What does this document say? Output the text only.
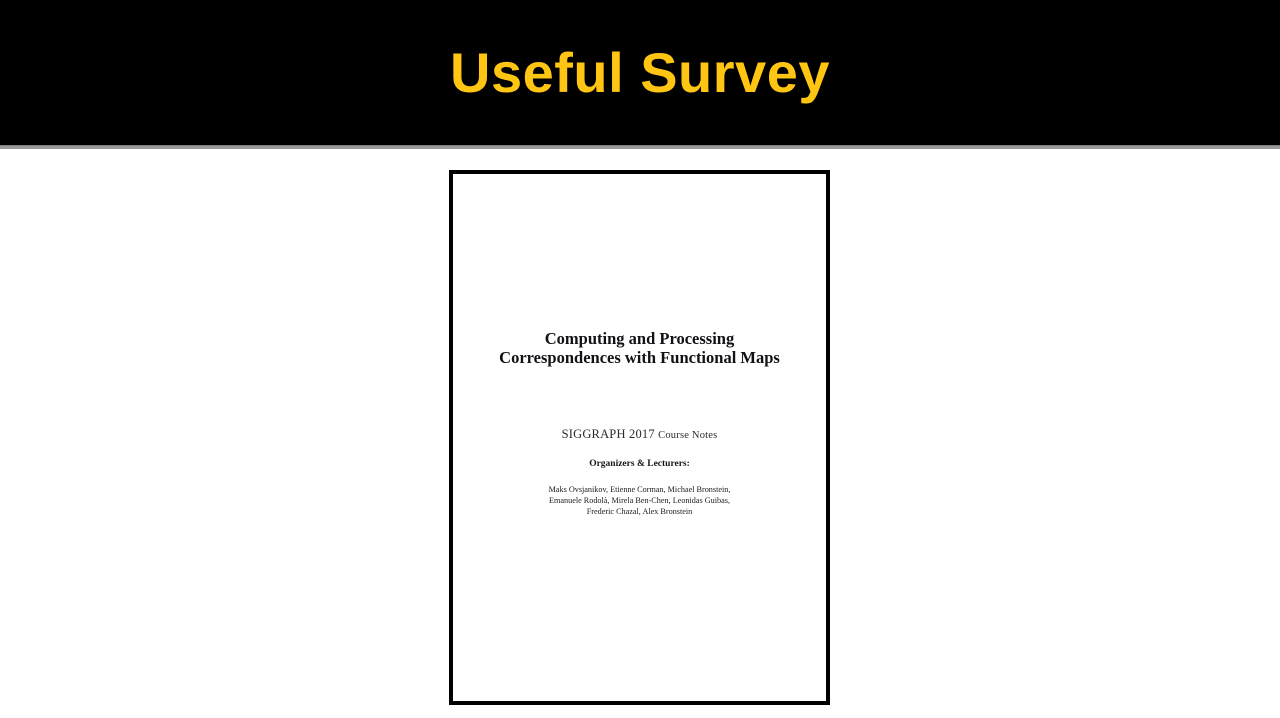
Useful Survey
Computing and Processing Correspondences with Functional Maps
SIGGRAPH 2017 Course Notes
Organizers & Lecturers:
Maks Ovsjanikov, Etienne Corman, Michael Bronstein,
Emanuele Rodolà, Mirela Ben-Chen, Leonidas Guibas,
Frederic Chazal, Alex Bronstein
